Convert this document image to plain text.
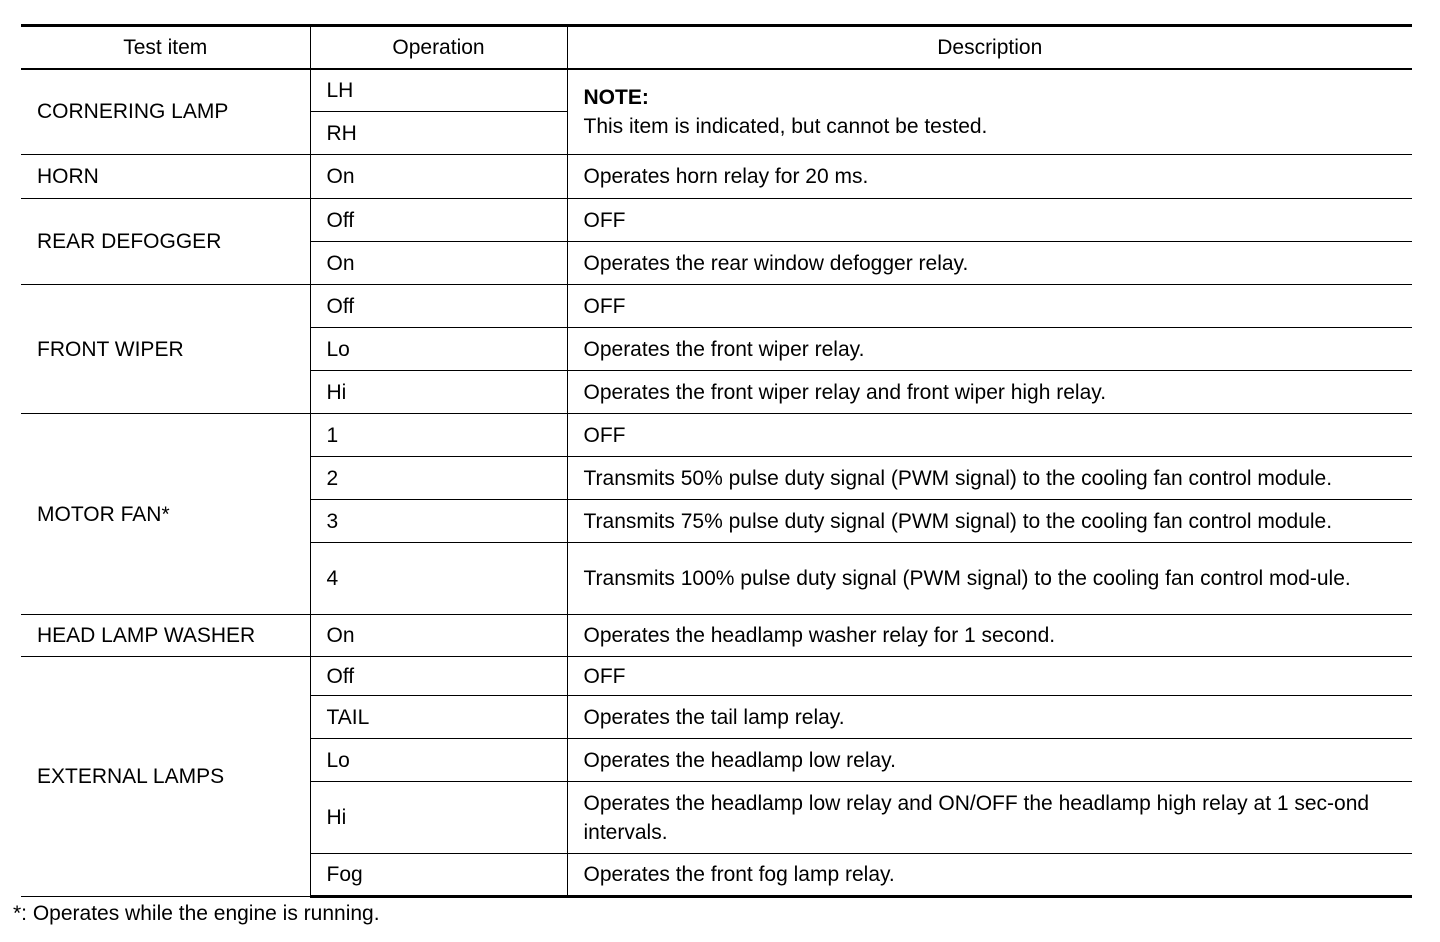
Test item	Operation	Description
CORNERING LAMP	LH	NOTE:
This item is indicated, but cannot be tested.

	RH	
HORN	On	Operates horn relay for 20 ms.
REAR DEFOGGER	Off	OFF
	On	Operates the rear window defogger relay.
FRONT WIPER	Off	OFF
	Lo	Operates the front wiper relay.
	Hi	Operates the front wiper relay and front wiper high relay.
MOTOR FAN*	1	OFF
	2	Transmits 50% pulse duty signal (PWM signal) to the cooling fan control module.
	3	Transmits 75% pulse duty signal (PWM signal) to the cooling fan control module.
	4	Transmits 100% pulse duty signal (PWM signal) to the cooling fan control mod-ule.
HEAD LAMP WASHER	On	Operates the headlamp washer relay for 1 second.
EXTERNAL LAMPS	Off	OFF
	TAIL	Operates the tail lamp relay.
	Lo	Operates the headlamp low relay.
	Hi	Operates the headlamp low relay and ON/OFF the headlamp high relay at 1 sec-ond intervals.
	Fog	Operates the front fog lamp relay.
*: Operates while the engine is running.
